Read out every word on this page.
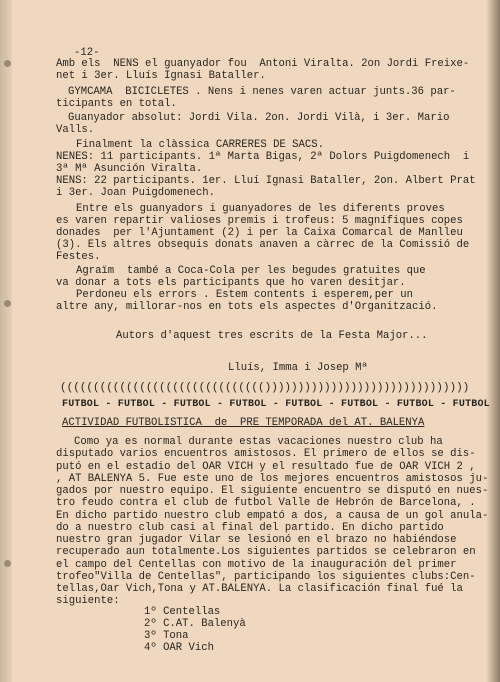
-12-
Amb els  NENS el guanyador fou  Antoni Viralta. 2on Jordi Freixe-
net i 3er. Lluís Ignasi Bataller.
GYMCAMA  BICICLETES . Nens i nenes varen actuar junts.36 par-
ticipants en total.
Guanyador absolut: Jordi Vila. 2on. Jordi Vilà, i 3er. Mario
Valls.
Finalment la clàssica CARRERES DE SACS.
NENES: 11 participants. 1ª Marta Bigas, 2ª Dolors Puigdomenech  i
3ª Mª Asunción Viralta.
NENS: 22 participants. 1er. Lluí Ignasi Bataller, 2on. Albert Prat
i 3er. Joan Puigdomenech.
Entre els guanyadors i guanyadores de les diferents proves
es varen repartir valioses premis i trofeus: 5 magnífiques copes
donades  per l'Ajuntament (2) i per la Caixa Comarcal de Manlleu
(3). Els altres obsequis donats anaven a càrrec de la Comissió de
Festes.
Agraïm  també a Coca-Cola per les begudes gratuites que
va donar a tots els participants que ho varen desitjar.
Perdoneu els errors . Estem contents i esperem,per un
altre any, millorar-nos en tots els aspectes d'Organització.
Autors d'aquest tres escrits de la Festa Major...
Lluís, Imma i Josep Mª
((((((((((((((((((((((((((((((()))))))))))))))))))))))))))))))
FUTBOL - FUTBOL - FUTBOL - FUTBOL - FUTBOL - FUTBOL - FUTBOL - FUTBOL
ACTIVIDAD FUTBOLISTICA  de  PRE TEMPORADA del AT. BALENYA
Como ya es normal durante estas vacaciones nuestro club ha
disputado varios encuentros amistosos. El primero de ellos se dis-
putó en el estadio del OAR VICH y el resultado fue de OAR VICH 2 ,
, AT BALENYA 5. Fue este uno de los mejores encuentros amistosos ju-
gados por nuestro equipo. El siguiente encuentro se disputó en nues-
tro feudo contra el club de futbol Valle de Hebrón de Barcelona, .
En dicho partido nuestro club empató a dos, a causa de un gol anula-
do a nuestro club casi al final del partido. En dicho partido
nuestro gran jugador Vilar se lesionó en el brazo no habiéndose
recuperado aun totalmente.Los siguientes partidos se celebraron en
el campo del Centellas con motivo de la inauguración del primer
trofeo"Villa de Centellas", participando los siguientes clubs:Cen-
tellas,Oar Vich,Tona y AT.BALENYA. La clasificación final fué la
siguiente:
1º Centellas
2º C.AT. Balenyà
3º Tona
4º OAR Vich
